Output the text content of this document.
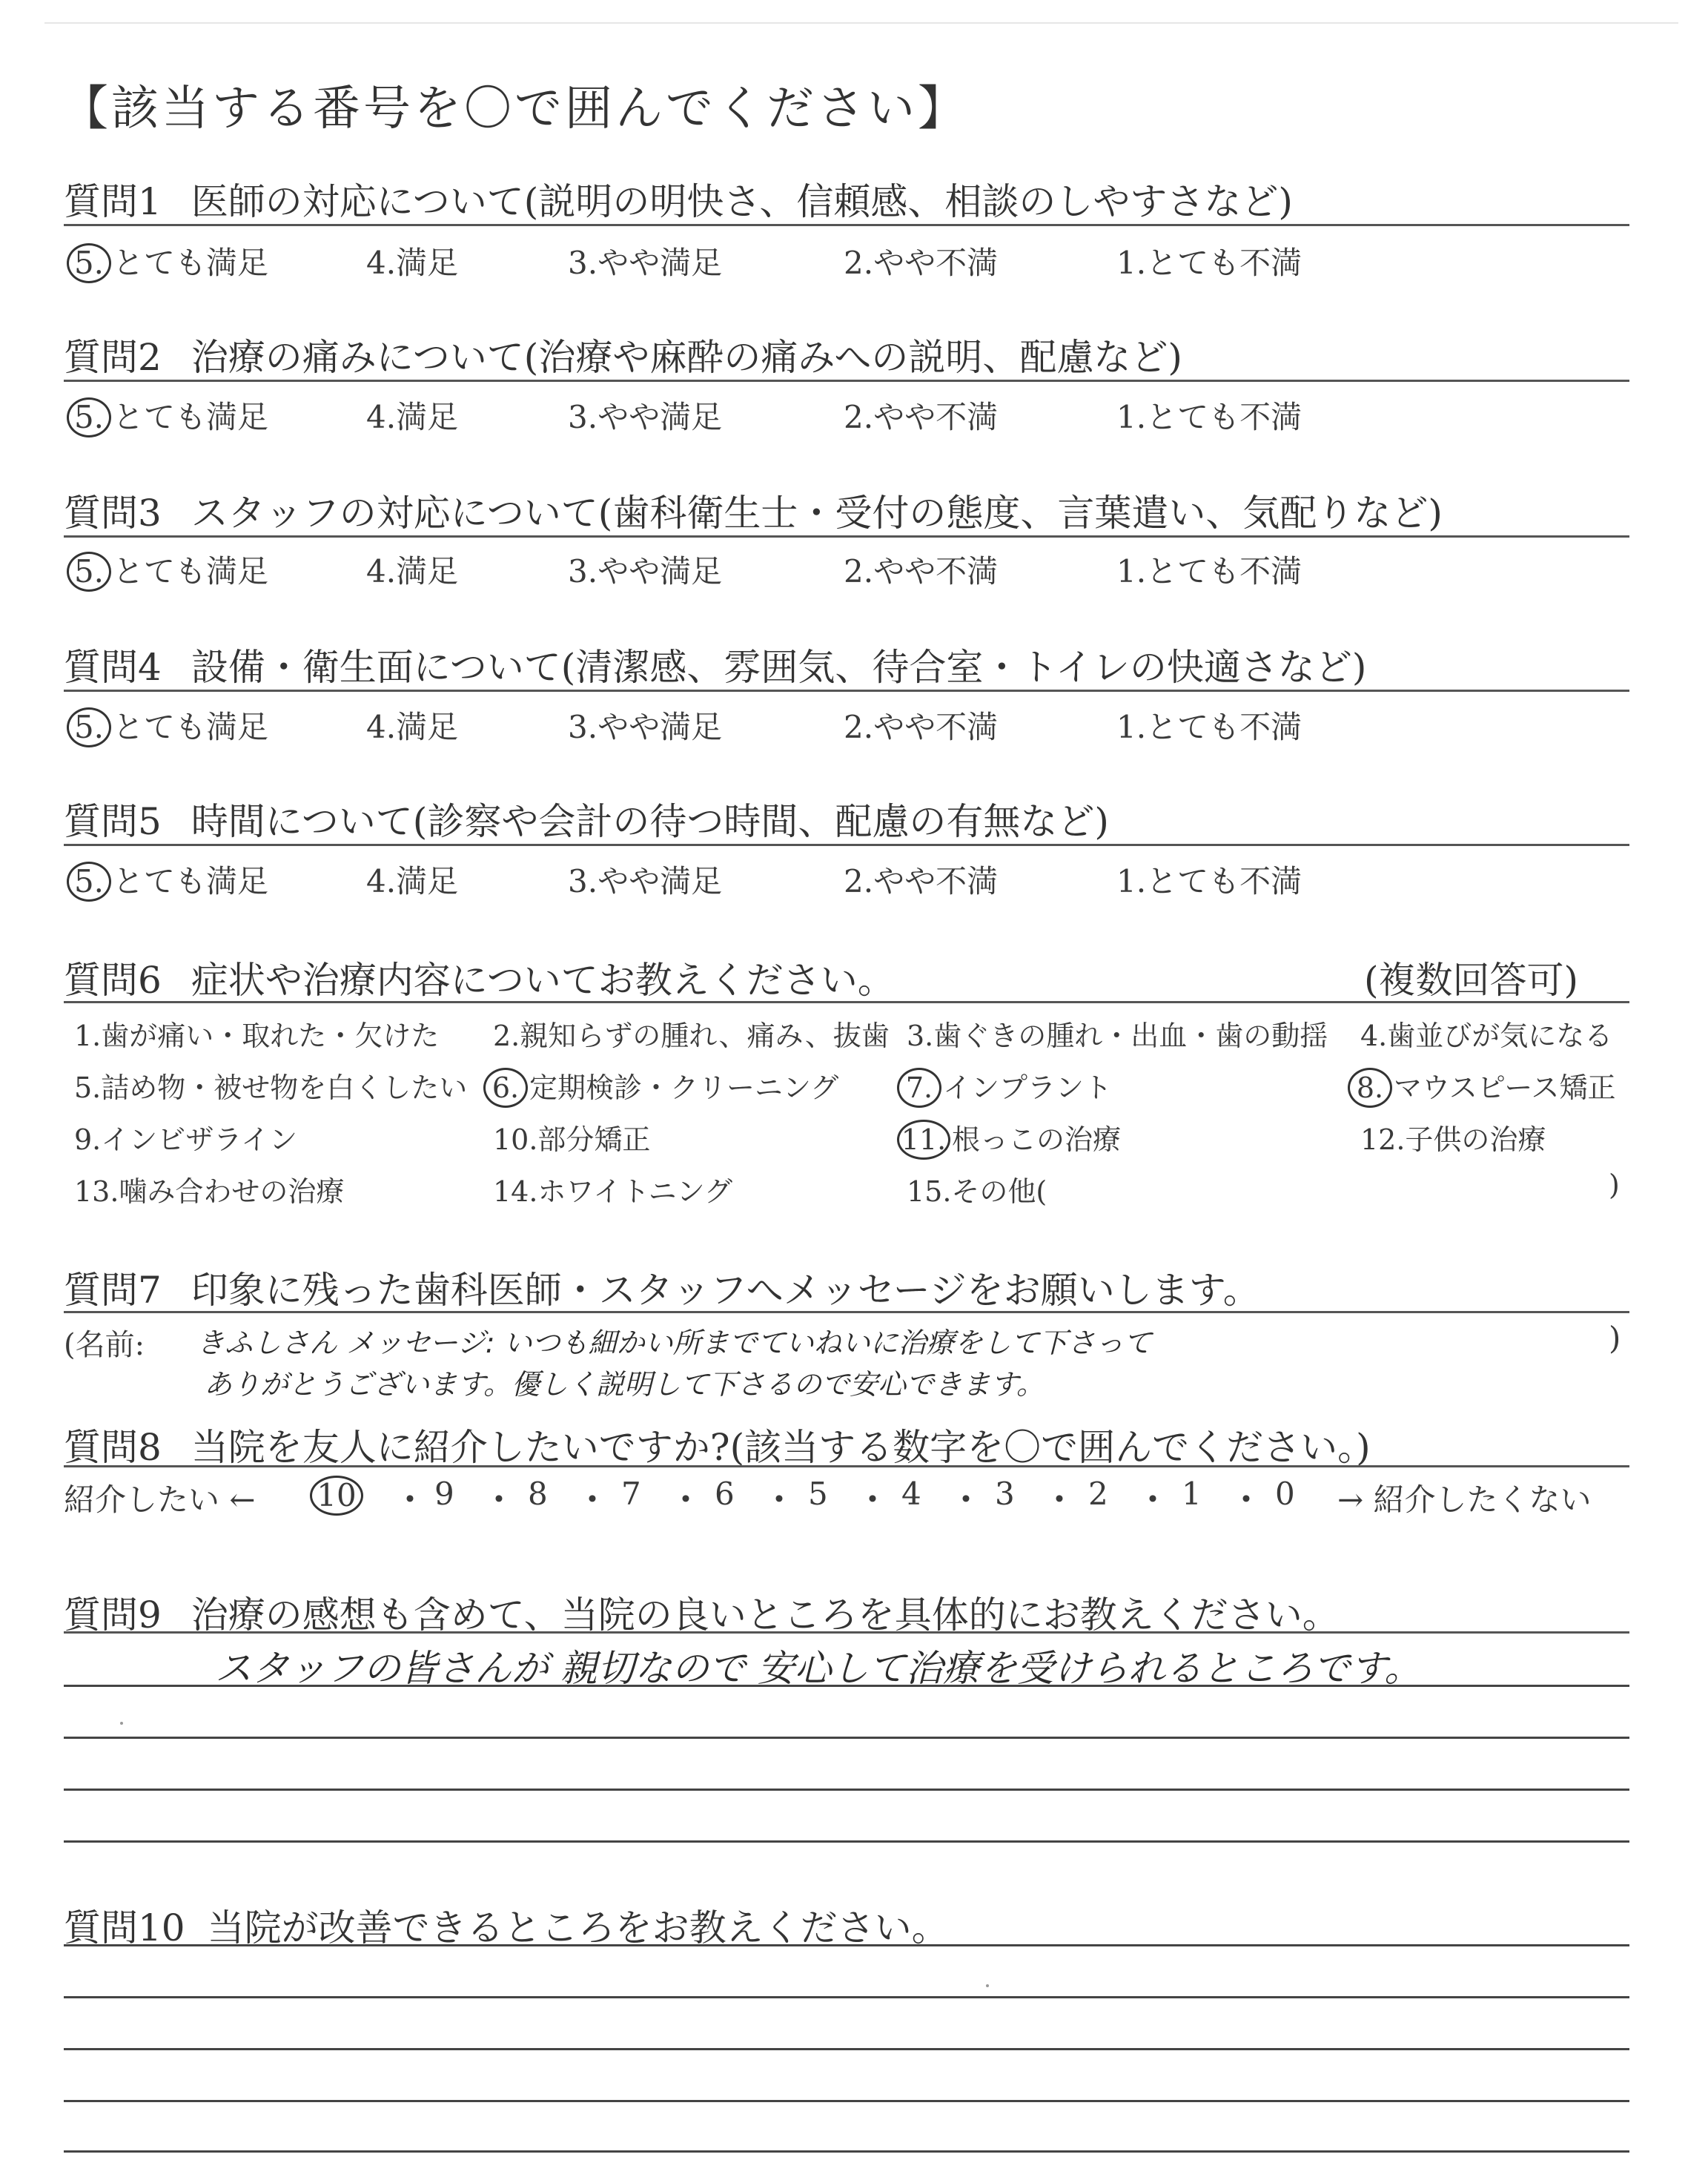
【該当する番号を〇で囲んでください】
質問1 医師の対応について(説明の明快さ、信頼感、相談のしやすさなど)
5. とても満足	4.満足	3.やや満足	2.やや不満	1.とても不満
質問2 治療の痛みについて(治療や麻酔の痛みへの説明、配慮など)
5. とても満足	4.満足	3.やや満足	2.やや不満	1.とても不満
質問3 スタッフの対応について(歯科衛生士・受付の態度、言葉遣い、気配りなど)
5. とても満足	4.満足	3.やや満足	2.やや不満	1.とても不満
質問4 設備・衛生面について(清潔感、雰囲気、待合室・トイレの快適さなど)
5. とても満足	4.満足	3.やや満足	2.やや不満	1.とても不満
質問5 時間について(診察や会計の待つ時間、配慮の有無など)
5. とても満足	4.満足	3.やや満足	2.やや不満	1.とても不満
質問6 症状や治療内容についてお教えください。	(複数回答可)
1.歯が痛い・取れた・欠けた 2.親知らずの腫れ、痛み、抜歯 3.歯ぐきの腫れ・出血・歯の動揺 4.歯並びが気になる
5.詰め物・被せ物を白くしたい 6. 定期検診・クリーニング 7. インプラント	8. マウスピース矯正
9.インビザライン	10.部分矯正	11. 根っこの治療	12.子供の治療
13.噛み合わせの治療	14.ホワイトニング	15.その他(	)
質問7 印象に残った歯科医師・スタッフへメッセージをお願いします。
(名前: きふしさん メッセージ: いつも細かい所までていねいに治療をして下さって	)
ありがとうございます。優しく説明して下さるので安心できます。
質問8 当院を友人に紹介したいですか?(該当する数字を〇で囲んでください。)
紹介したい ← 10 ・ 9 ・ 8 ・ 7 ・ 6 ・ 5 ・ 4 ・ 3 ・ 2 ・ 1 ・ 0 → 紹介したくない
質問9 治療の感想も含めて、当院の良いところを具体的にお教えください。
スタッフの皆さんが 親切なので 安心して治療を受けられるところです。
質問10 当院が改善できるところをお教えください。
